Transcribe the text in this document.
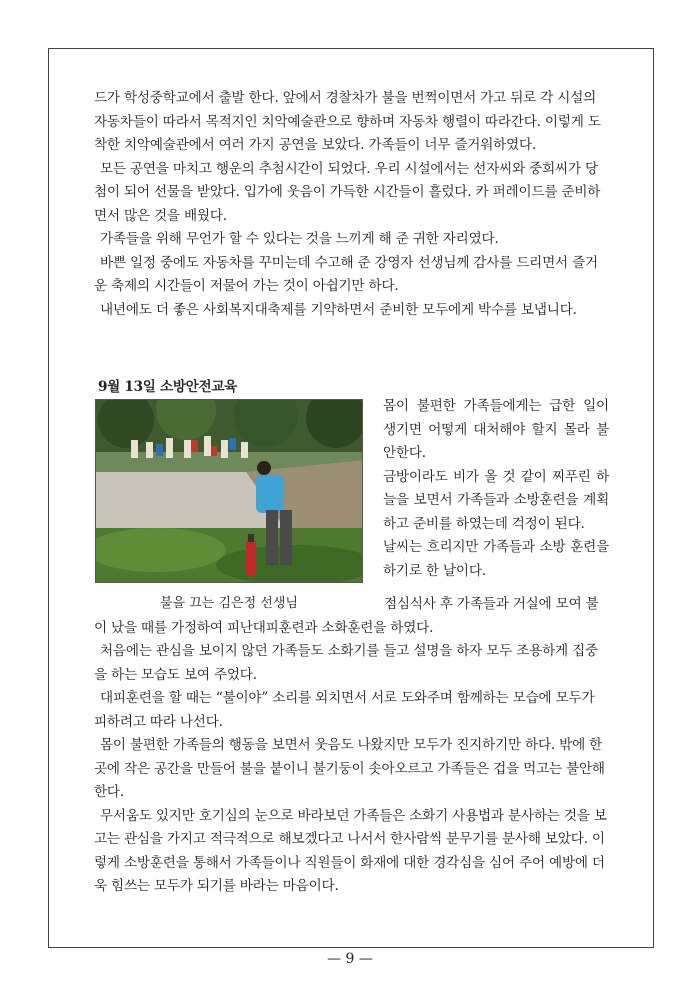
드가 학성중학교에서 출발 한다. 앞에서 경찰차가 불을 번쩍이면서 가고 뒤로 각 시설의 자동차들이 따라서 목적지인 치악예술관으로 향하며 자동차 행렬이 따라간다. 이렇게 도착한 치악예술관에서 여러 가지 공연을 보았다. 가족들이 너무 즐거워하였다.

모든 공연을 마치고 행운의 추첨시간이 되었다. 우리 시설에서는 선자씨와 중희씨가 당첨이 되어 선물을 받았다. 입가에 웃음이 가득한 시간들이 흘렀다. 카 퍼레이드를 준비하면서 많은 것을 배웠다.

가족들을 위해 무언가 할 수 있다는 것을 느끼게 해 준 귀한 자리였다.

바쁜 일정 중에도 자동차를 꾸미는데 수고해 준 강영자 선생님께 감사를 드리면서 즐거운 축제의 시간들이 저물어 가는 것이 아쉽기만 하다.

내년에도 더 좋은 사회복지대축제를 기약하면서 준비한 모두에게 박수를 보냅니다.

9월 13일 소방안전교육
불을 끄는 김은정 선생님

몸이 불편한 가족들에게는 급한 일이 생기면 어떻게 대처해야 할지 몰라 불안한다.

금방이라도 비가 올 것 같이 찌푸린 하늘을 보면서 가족들과 소방훈련을 계획하고 준비를 하였는데 걱정이 된다.

날씨는 흐리지만 가족들과 소방 훈련을 하기로 한 날이다.

점심식사 후 가족들과 거실에 모여 불이 났을 때를 가정하여 피난대피훈련과 소화훈련을 하였다.

처음에는 관심을 보이지 않던 가족들도 소화기를 들고 설명을 하자 모두 조용하게 집중을 하는 모습도 보여 주었다.

대피훈련을 할 때는 “불이야” 소리를 외치면서 서로 도와주며 함께하는 모습에 모두가 피하려고 따라 나선다.

몸이 불편한 가족들의 행동을 보면서 웃음도 나왔지만 모두가 진지하기만 하다. 밖에 한 곳에 작은 공간을 만들어 불을 붙이니 불기둥이 솟아오르고 가족들은 겁을 먹고는 불안해한다.

무서움도 있지만 호기심의 눈으로 바라보던 가족들은 소화기 사용법과 분사하는 것을 보고는 관심을 가지고 적극적으로 해보겠다고 나서서 한사람씩 분무기를 분사해 보았다. 이렇게 소방훈련을 통해서 가족들이나 직원들이 화재에 대한 경각심을 심어 주어 예방에 더욱 힘쓰는 모두가 되기를 바라는 마음이다.

— 9 —
